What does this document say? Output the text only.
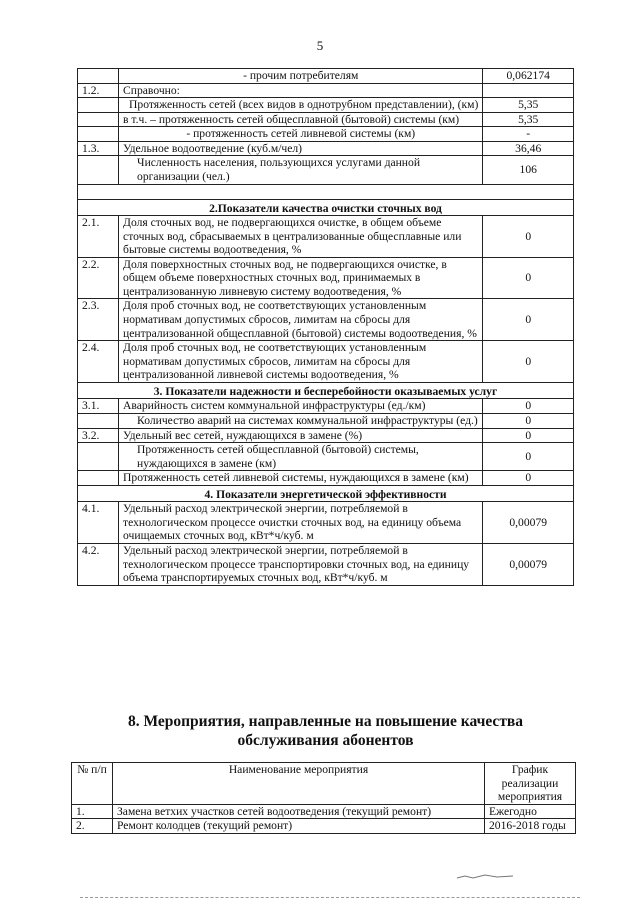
5
	- прочим потребителям	0,062174
1.2.	Справочно:	
	Протяженность сетей (всех видов в однотрубном представлении), (км)	5,35
	в т.ч. – протяженность сетей общесплавной (бытовой) системы (км)	5,35
	- протяженность сетей ливневой системы (км)	-
1.3.	Удельное водоотведение (куб.м/чел)	36,46
	Численность населения, пользующихся услугами данной организации (чел.)	106

2.Показатели качества очистки сточных вод		
2.1.	Доля сточных вод, не подвергающихся очистке, в общем объеме сточных вод, сбрасываемых в централизованные общесплавные или бытовые системы водоотведения, %	0
2.2.	Доля поверхностных сточных вод, не подвергающихся очистке, в общем объеме поверхностных сточных вод, принимаемых в централизованную ливневую систему водоотведения, %	0
2.3.	Доля проб сточных вод, не соответствующих установленным нормативам допустимых сбросов, лимитам на сбросы для централизованной общесплавной (бытовой) системы водоотведения, %	0
2.4.	Доля проб сточных вод, не соответствующих установленным нормативам допустимых сбросов, лимитам на сбросы для централизованной ливневой системы водоотведения, %	0
3. Показатели надежности и бесперебойности оказываемых услуг		
3.1.	Аварийность систем коммунальной инфраструктуры (ед./км)	0
	Количество аварий на системах коммунальной инфраструктуры (ед.)	0
3.2.	Удельный вес сетей, нуждающихся в замене (%)	0
	Протяженность сетей общесплавной (бытовой) системы, нуждающихся в замене (км)	0
	Протяженность сетей ливневой системы, нуждающихся в замене (км)	0
4. Показатели энергетической эффективности		
4.1.	Удельный расход электрической энергии, потребляемой в технологическом процессе очистки сточных вод, на единицу объема очищаемых сточных вод, кВт*ч/куб. м	0,00079
4.2.	Удельный расход электрической энергии, потребляемой в технологическом процессе транспортировки сточных вод, на единицу объема транспортируемых сточных вод, кВт*ч/куб. м	0,00079
8. Мероприятия, направленные на повышение качества обслуживания абонентов
№ п/п	Наименование мероприятия	График реализации мероприятия
1.	Замена ветхих участков сетей водоотведения (текущий ремонт)	Ежегодно
2.	Ремонт колодцев (текущий ремонт)	2016-2018 годы
